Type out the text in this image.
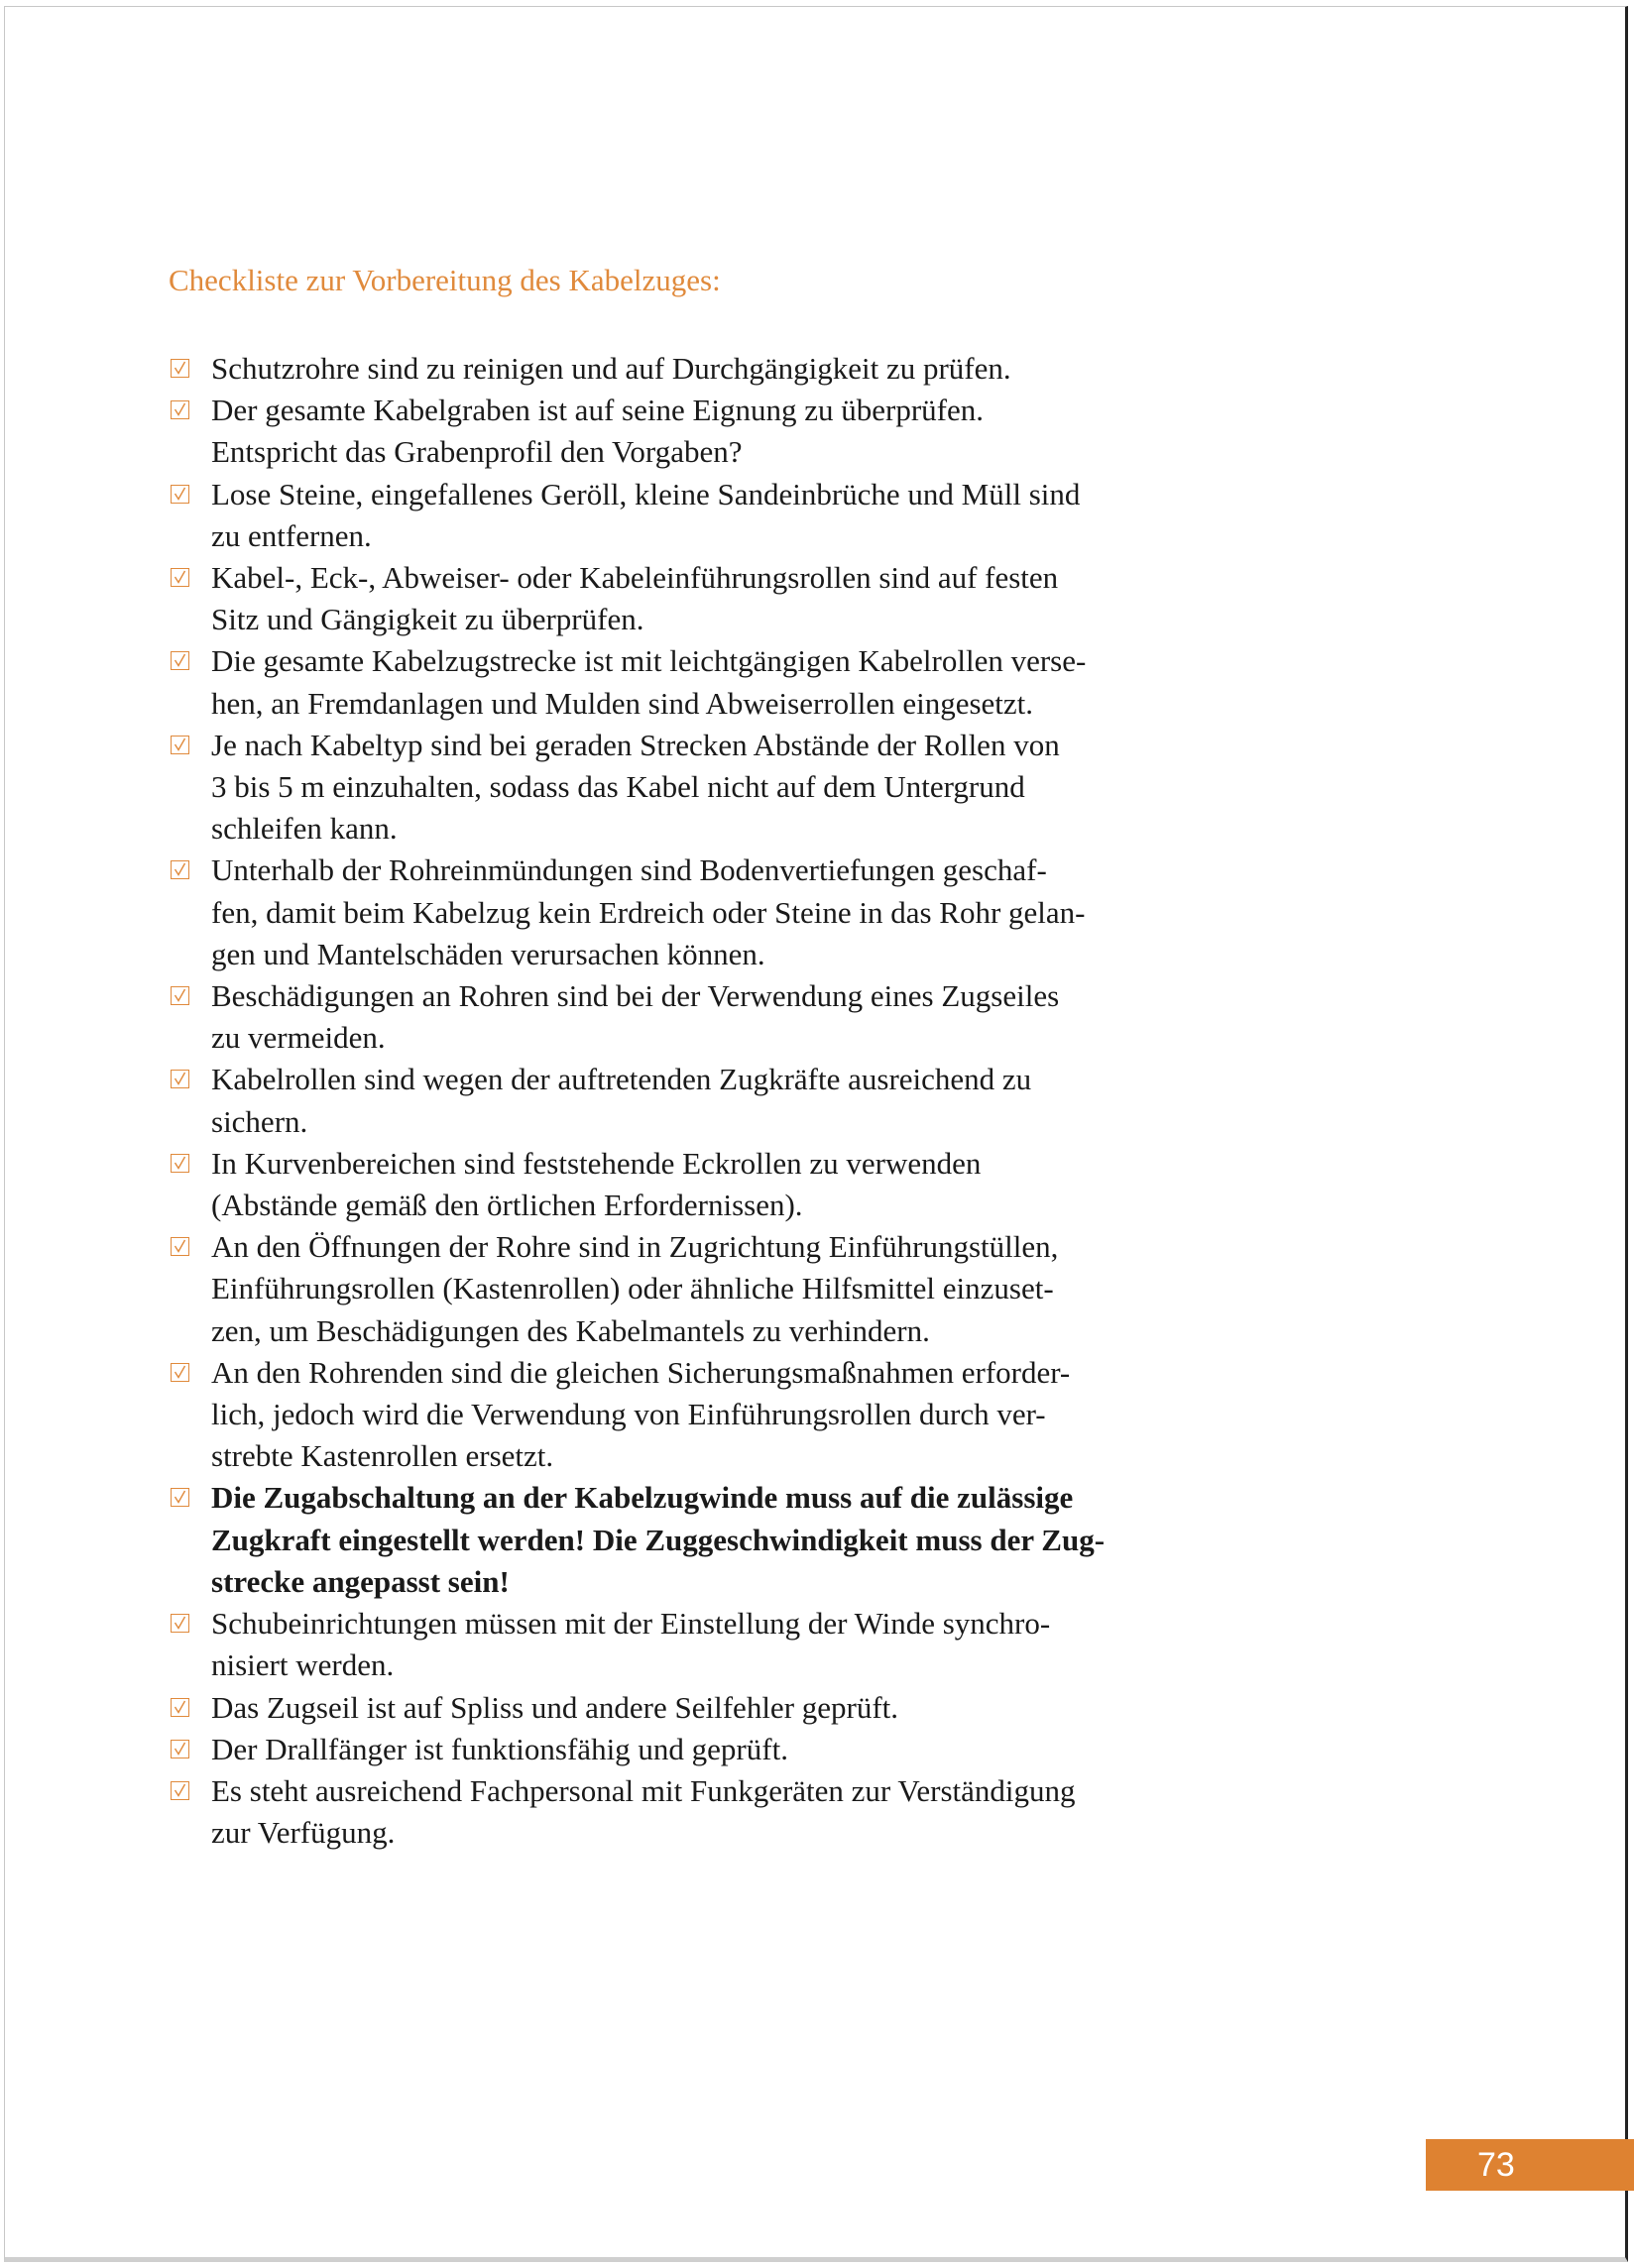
Checkliste zur Vorbereitung des Kabelzuges:
Schutzrohre sind zu reinigen und auf Durchgängigkeit zu prüfen.
Der gesamte Kabelgraben ist auf seine Eignung zu überprüfen.
Entspricht das Grabenprofil den Vorgaben?
Lose Steine, eingefallenes Geröll, kleine Sandeinbrüche und Müll sind
zu entfernen.
Kabel-, Eck-, Abweiser- oder Kabeleinführungsrollen sind auf festen
Sitz und Gängigkeit zu überprüfen.
Die gesamte Kabelzugstrecke ist mit leichtgängigen Kabelrollen verse-
hen, an Fremdanlagen und Mulden sind Abweiserrollen eingesetzt.
Je nach Kabeltyp sind bei geraden Strecken Abstände der Rollen von
3 bis 5 m einzuhalten, sodass das Kabel nicht auf dem Untergrund
schleifen kann.
Unterhalb der Rohreinmündungen sind Bodenvertiefungen geschaf-
fen, damit beim Kabelzug kein Erdreich oder Steine in das Rohr gelan-
gen und Mantelschäden verursachen können.
Beschädigungen an Rohren sind bei der Verwendung eines Zugseiles
zu vermeiden.
Kabelrollen sind wegen der auftretenden Zugkräfte ausreichend zu
sichern.
In Kurvenbereichen sind feststehende Eckrollen zu verwenden
(Abstände gemäß den örtlichen Erfordernissen).
An den Öffnungen der Rohre sind in Zugrichtung Einführungstüllen,
Einführungsrollen (Kastenrollen) oder ähnliche Hilfsmittel einzuset-
zen, um Beschädigungen des Kabelmantels zu verhindern.
An den Rohrenden sind die gleichen Sicherungsmaßnahmen erforder-
lich, jedoch wird die Verwendung von Einführungsrollen durch ver-
strebte Kastenrollen ersetzt.
Die Zugabschaltung an der Kabelzugwinde muss auf die zulässige
Zugkraft eingestellt werden! Die Zuggeschwindigkeit muss der Zug-
strecke angepasst sein!
Schubeinrichtungen müssen mit der Einstellung der Winde synchro-
nisiert werden.
Das Zugseil ist auf Spliss und andere Seilfehler geprüft.
Der Drallfänger ist funktionsfähig und geprüft.
Es steht ausreichend Fachpersonal mit Funkgeräten zur Verständigung
zur Verfügung.
73
